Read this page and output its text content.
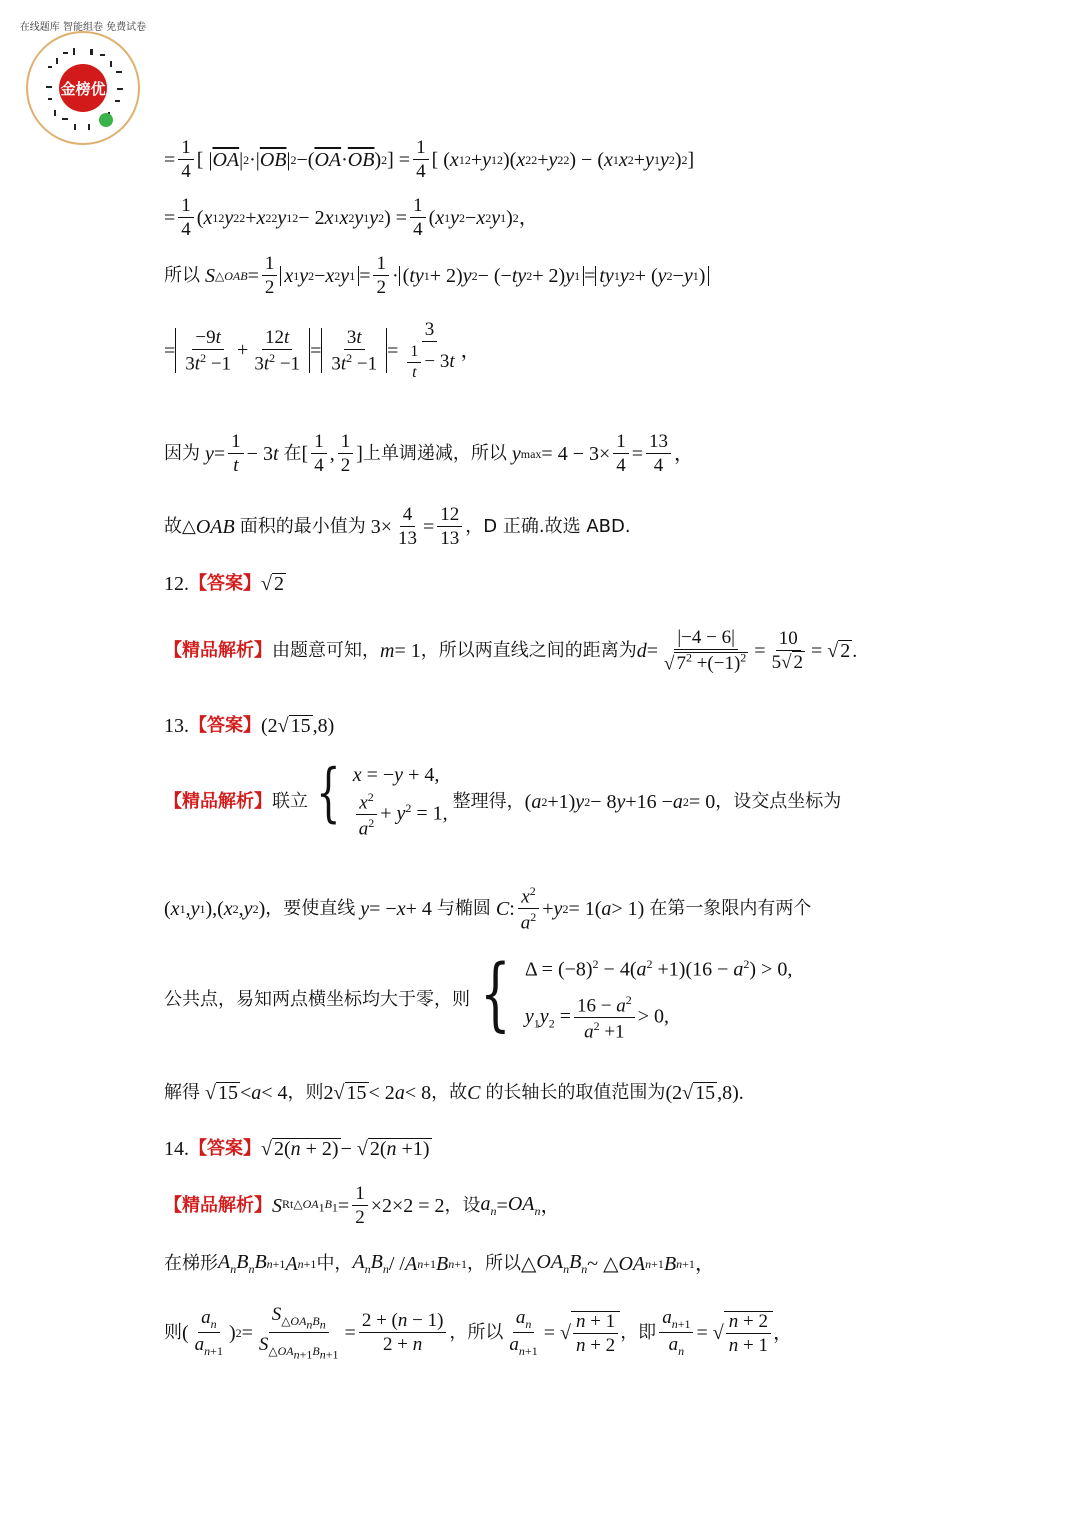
金榜优
在线题库 智能组卷 免费试卷
= $\frac{1}{4}$ [ | $\overline{OA}$ | 2 ·| $\overline{OB}$ | 2 −( $\overline{OA} \cdot \overline{OB}$ ) 2 ] = $\frac{1}{4}$ [ ( x 1 2 + y 1 2 )( x 2 2 + y 2 2 ) − ( x 1 x 2 + y 1 y 2 ) 2 ]
= $\frac{1}{4}$ ( x 1 2 y 2 2 + x 2 2 y 1 2 − 2 x 1 x 2 y 1 y 2 ) = $\frac{1}{4}$ ( x 1 y 2 − x 2 y 1 ) 2 ，
所以
S △OAB = $\frac{1}{2}$ x 1 y 2 − x 2 y $1 = \frac{1}{2}$ · ( ty 1 + 2) y 2 − (− ty 2 + 2) y 1 = ty 1 y 2 + ( y 2 − y 1 )
= $\frac{-9t}{3t^2 -1} + \frac{12t}{3t^2 -1} = \frac{3t}{3t^2 -1} = \frac{3}{\frac{1}{t} - 3t}$ ，
因为
$y = \frac{1}{t} - 3$ t
在 [ $\frac{1}{4}$ , $\frac{1}{2}$ ] 上单调递减，所以
y $\max = 4 - 3\times \frac{1}{4} = \frac{13}{4}$ ，
故△ OAB
面积的最小值为 $3\times \frac{4}{13} = \frac{12}{13}$ ，D 正确.故选 ABD.
12. 【答案】 √ 2
【精品解析】 由题意可知， m = 1 ，所以两直线之间的距离为 $d = \frac{|-4 - 6|}{√ 7^2 +(-1)^2} = \frac{10}{5√ 2}$ = √ 2 .
13. 【答案】 (2√ 15 ,8)
【精品解析】 联立 { x = −y + 4,
$\frac{x^2}{a^2} + y^2 = 1$,

整理得， ( a 2 +1) y 2 − 8 y +16 − a 2 = 0 ，设交点坐标为
( x 1 , y 1 ),( x 2 , y 2 ) ，要使直线
y = − x + 4 与椭圆
C : $\frac{x^2}{a^2} + y$ 2 = 1( a > 1) 在第一象限内有两个
公共点，易知两点横坐标均大于零，则 { $\Delta = (-8)^2 - 4(a^2 +1)(16 - a^2) > 0$,
$y_1y_2 = \frac{16 - a^2}{a^2 +1} > 0$,
解得 √ 15 < a < 4 ，则 2√ 15 < 2 a < 8 ，故 C
的长轴长的取值范围为 (2√ 15 ,8).
14. 【答案】 √ 2(n + 2) − √ 2(n +1)
【精品解析】 S $Rt\triangle OA_1B_1 = \frac{1}{2} \times 2\times 2 = 2$ ，设 $a_n = OA_n$ ，
在梯形 $A_nB_nB$ n+1 A n+1 中， $A_nB_n$ / / A n+1 B n+1 ，所以 △ $OA_nB_n$ ~ △ OA n+1 B n+1 ，
则 ( $\frac{a_n}{a_{n+1}}$ ) $2 = \frac{S_{\triangle OA_nB_n}}{S_{\triangle OA_{n+1}B_{n+1}}} = \frac{2 + (n - 1)}{2 + n}$ ，所以 $\frac{a_n}{a_{n+1}}$ = √ $\frac{n + 1}{n + 2}$ ，即 $\frac{a_{n+1}}{a_n}$ = √ $\frac{n + 2}{n + 1}$ ，
